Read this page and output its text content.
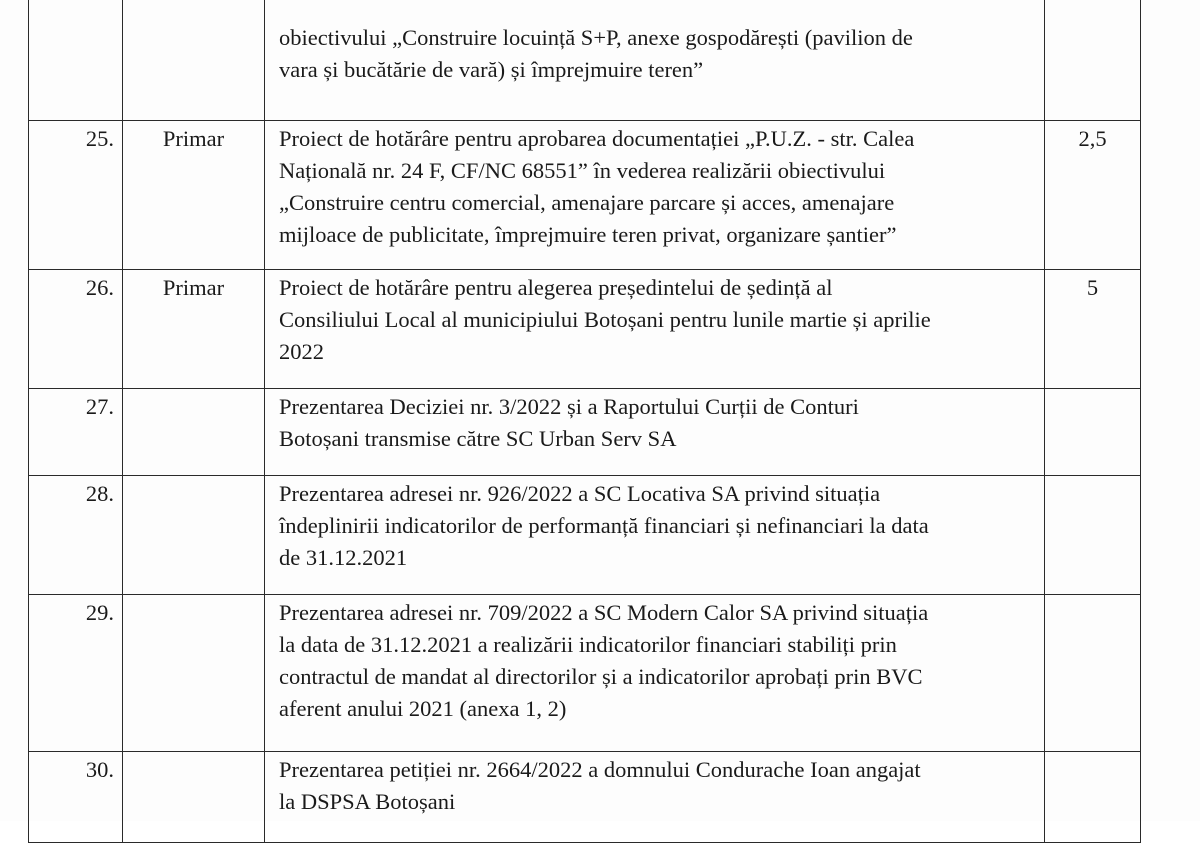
		obiectivului „Construire locuință S+P, anexe gospodărești (pavilion de
vara și bucătărie de vară) și împrejmuire teren”	

25.	Primar	Proiect de hotărâre pentru aprobarea documentației „P.U.Z. - str. Calea
Națională nr. 24 F, CF/NC 68551” în vederea realizării obiectivului
„Construire centru comercial, amenajare parcare și acces, amenajare
mijloace de publicitate, împrejmuire teren privat, organizare șantier”	2,5
26.	Primar	Proiect de hotărâre pentru alegerea președintelui de ședință al
Consiliului Local al municipiului Botoșani pentru lunile martie și aprilie
2022	5
27.		Prezentarea Deciziei nr. 3/2022 și a Raportului Curții de Conturi
Botoșani transmise către SC Urban Serv SA	

28.		Prezentarea adresei nr. 926/2022 a SC Locativa SA privind situația
îndeplinirii indicatorilor de performanță financiari și nefinanciari la data
de 31.12.2021	

29.		Prezentarea adresei nr. 709/2022 a SC Modern Calor SA privind situația
la data de 31.12.2021 a realizării indicatorilor financiari stabiliți prin
contractul de mandat al directorilor și a indicatorilor aprobați prin BVC
aferent anului 2021 (anexa 1, 2)	

30.		Prezentarea petiției nr. 2664/2022 a domnului Condurache Ioan angajat
la DSPSA Botoșani	
